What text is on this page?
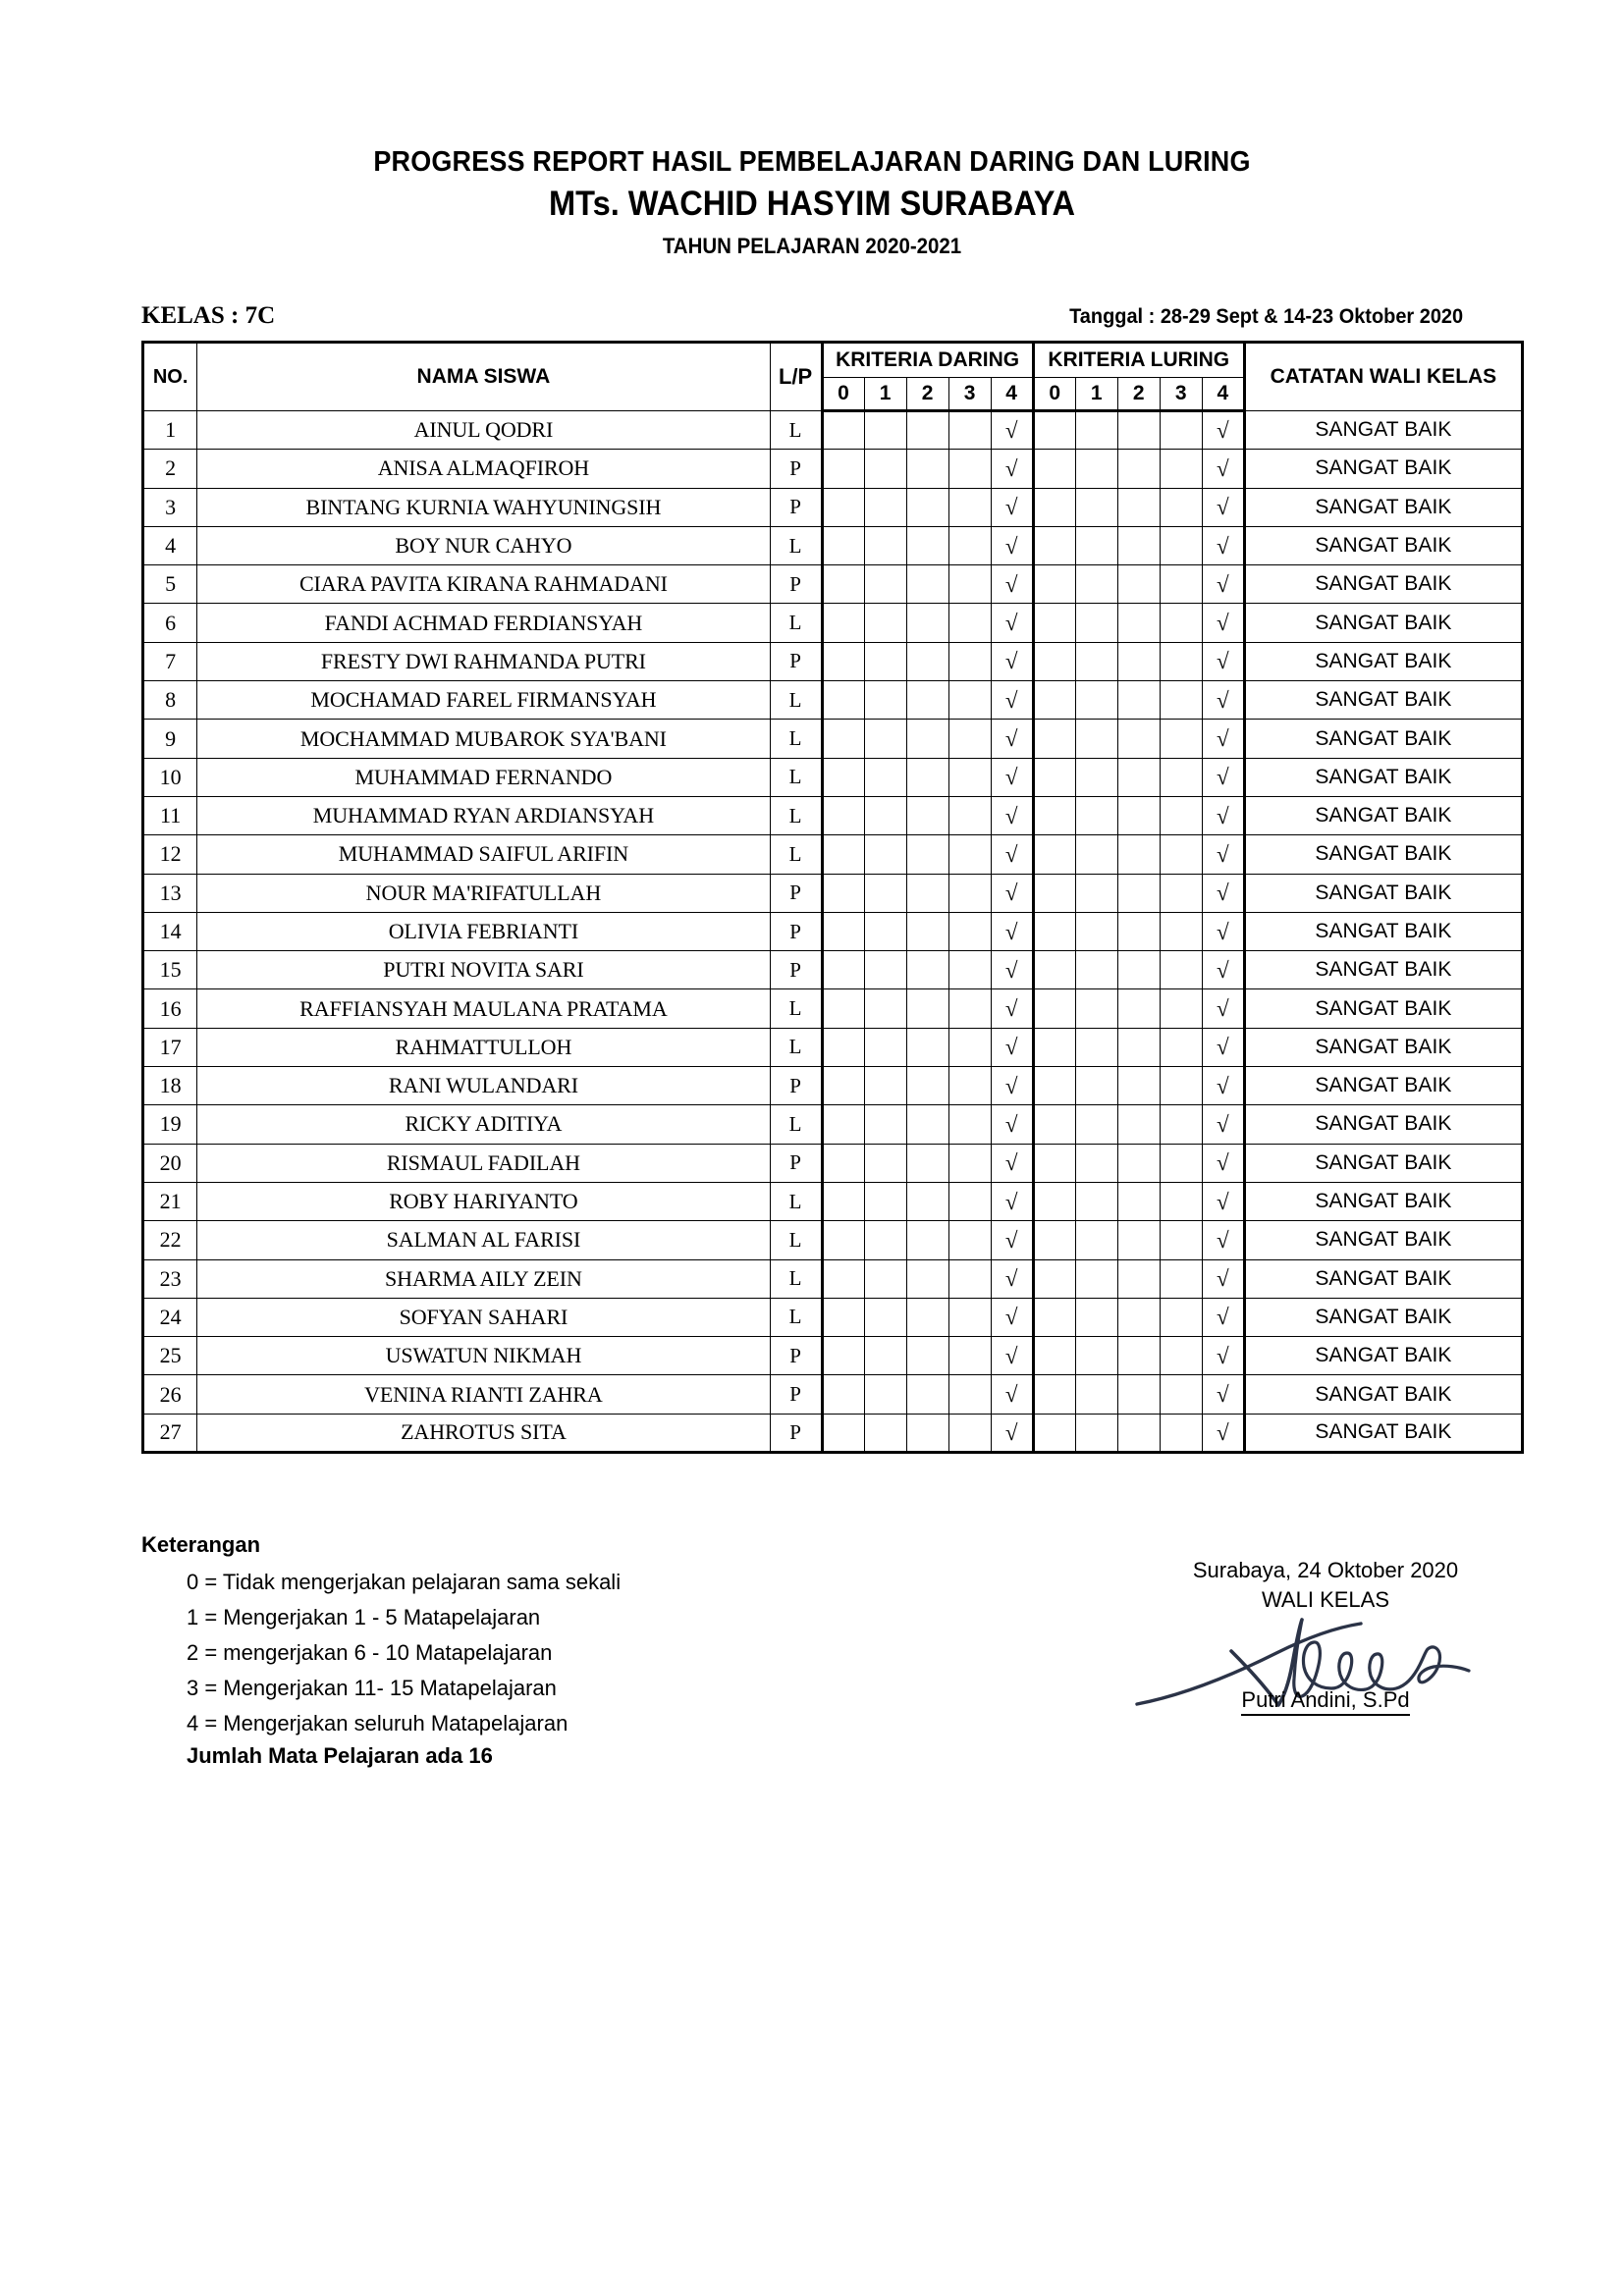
PROGRESS REPORT HASIL PEMBELAJARAN DARING DAN LURING
MTs. WACHID HASYIM SURABAYA
TAHUN PELAJARAN 2020-2021
KELAS : 7C	Tanggal : 28-29 Sept & 14-23 Oktober 2020
NO.	NAMA SISWA	L/P	KRITERIA DARING					KRITERIA LURING					CATATAN WALI KELAS
			0	1	2	3	4	0	1	2	3	4	
1	AINUL QODRI	L					√					√	SANGAT BAIK
2	ANISA ALMAQFIROH	P					√					√	SANGAT BAIK
3	BINTANG KURNIA WAHYUNINGSIH	P					√					√	SANGAT BAIK
4	BOY NUR CAHYO	L					√					√	SANGAT BAIK
5	CIARA PAVITA KIRANA RAHMADANI	P					√					√	SANGAT BAIK
6	FANDI ACHMAD FERDIANSYAH	L					√					√	SANGAT BAIK
7	FRESTY DWI RAHMANDA PUTRI	P					√					√	SANGAT BAIK
8	MOCHAMAD FAREL FIRMANSYAH	L					√					√	SANGAT BAIK
9	MOCHAMMAD MUBAROK SYA'BANI	L					√					√	SANGAT BAIK
10	MUHAMMAD FERNANDO	L					√					√	SANGAT BAIK
11	MUHAMMAD RYAN ARDIANSYAH	L					√					√	SANGAT BAIK
12	MUHAMMAD SAIFUL ARIFIN	L					√					√	SANGAT BAIK
13	NOUR MA'RIFATULLAH	P					√					√	SANGAT BAIK
14	OLIVIA FEBRIANTI	P					√					√	SANGAT BAIK
15	PUTRI NOVITA SARI	P					√					√	SANGAT BAIK
16	RAFFIANSYAH MAULANA PRATAMA	L					√					√	SANGAT BAIK
17	RAHMATTULLOH	L					√					√	SANGAT BAIK
18	RANI WULANDARI	P					√					√	SANGAT BAIK
19	RICKY ADITIYA	L					√					√	SANGAT BAIK
20	RISMAUL FADILAH	P					√					√	SANGAT BAIK
21	ROBY HARIYANTO	L					√					√	SANGAT BAIK
22	SALMAN AL FARISI	L					√					√	SANGAT BAIK
23	SHARMA AILY ZEIN	L					√					√	SANGAT BAIK
24	SOFYAN SAHARI	L					√					√	SANGAT BAIK
25	USWATUN NIKMAH	P					√					√	SANGAT BAIK
26	VENINA RIANTI ZAHRA	P					√					√	SANGAT BAIK
27	ZAHROTUS SITA	P					√					√	SANGAT BAIK
Keterangan
0 = Tidak mengerjakan pelajaran sama sekali
1 = Mengerjakan 1 - 5 Matapelajaran
2 = mengerjakan 6 - 10 Matapelajaran
3 = Mengerjakan 11- 15 Matapelajaran
4 = Mengerjakan seluruh Matapelajaran
Jumlah Mata Pelajaran ada 16
Surabaya, 24 Oktober 2020
WALI KELAS
Putri Andini, S.Pd
